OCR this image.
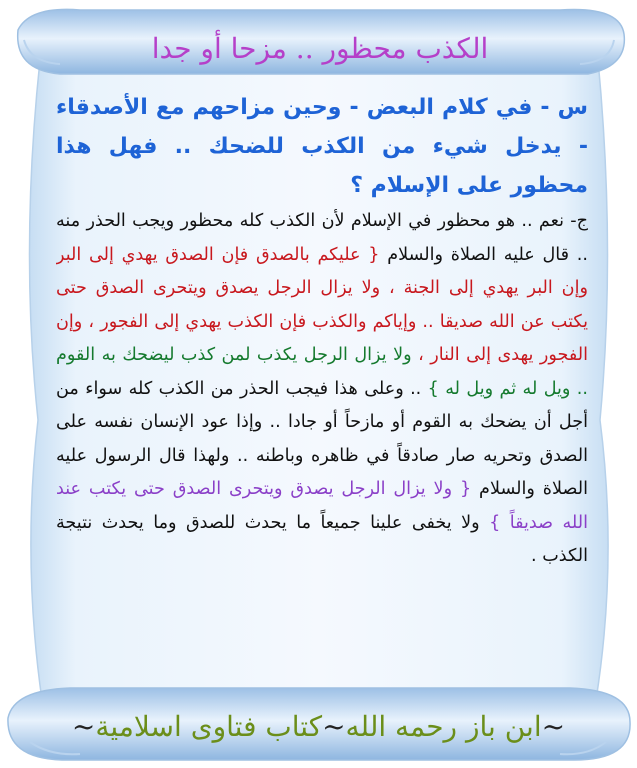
الكذب محظور .. مزحا أو جدا

س - في كلام البعض - وحين مزاحهم مع الأصدقاء - يدخل شيء من الكذب للضحك .. فهل هذا محظور على الإسلام ؟

ج- نعم .. هو محظور في الإسلام لأن الكذب كله محظور ويجب الحذر منه .. قال عليه الصلاة والسلام { عليكم بالصدق فإن الصدق يهدي إلى البر وإن البر يهدي إلى الجنة ، ولا يزال الرجل يصدق ويتحرى الصدق حتى يكتب عن الله صديقا .. وإياكم والكذب فإن الكذب يهدي إلى الفجور ، وإن الفجور يهدى إلى النار ، ولا يزال الرجل يكذب لمن كذب ليضحك به القوم .. ويل له ثم ويل له } .. وعلى هذا فيجب الحذر من الكذب كله سواء من أجل أن يضحك به القوم أو مازحاً أو جادا .. وإذا عود الإنسان نفسه على الصدق وتحريه صار صادقاً في ظاهره وباطنه .. ولهذا قال الرسول عليه الصلاة والسلام { ولا يزال الرجل يصدق ويتحرى الصدق حتى يكتب عند الله صديقاً } ولا يخفى علينا جميعاً ما يحدث للصدق وما يحدث نتيجة الكذب .

~
ابن باز رحمه الله
~
كتاب فتاوى اسلامية
~
